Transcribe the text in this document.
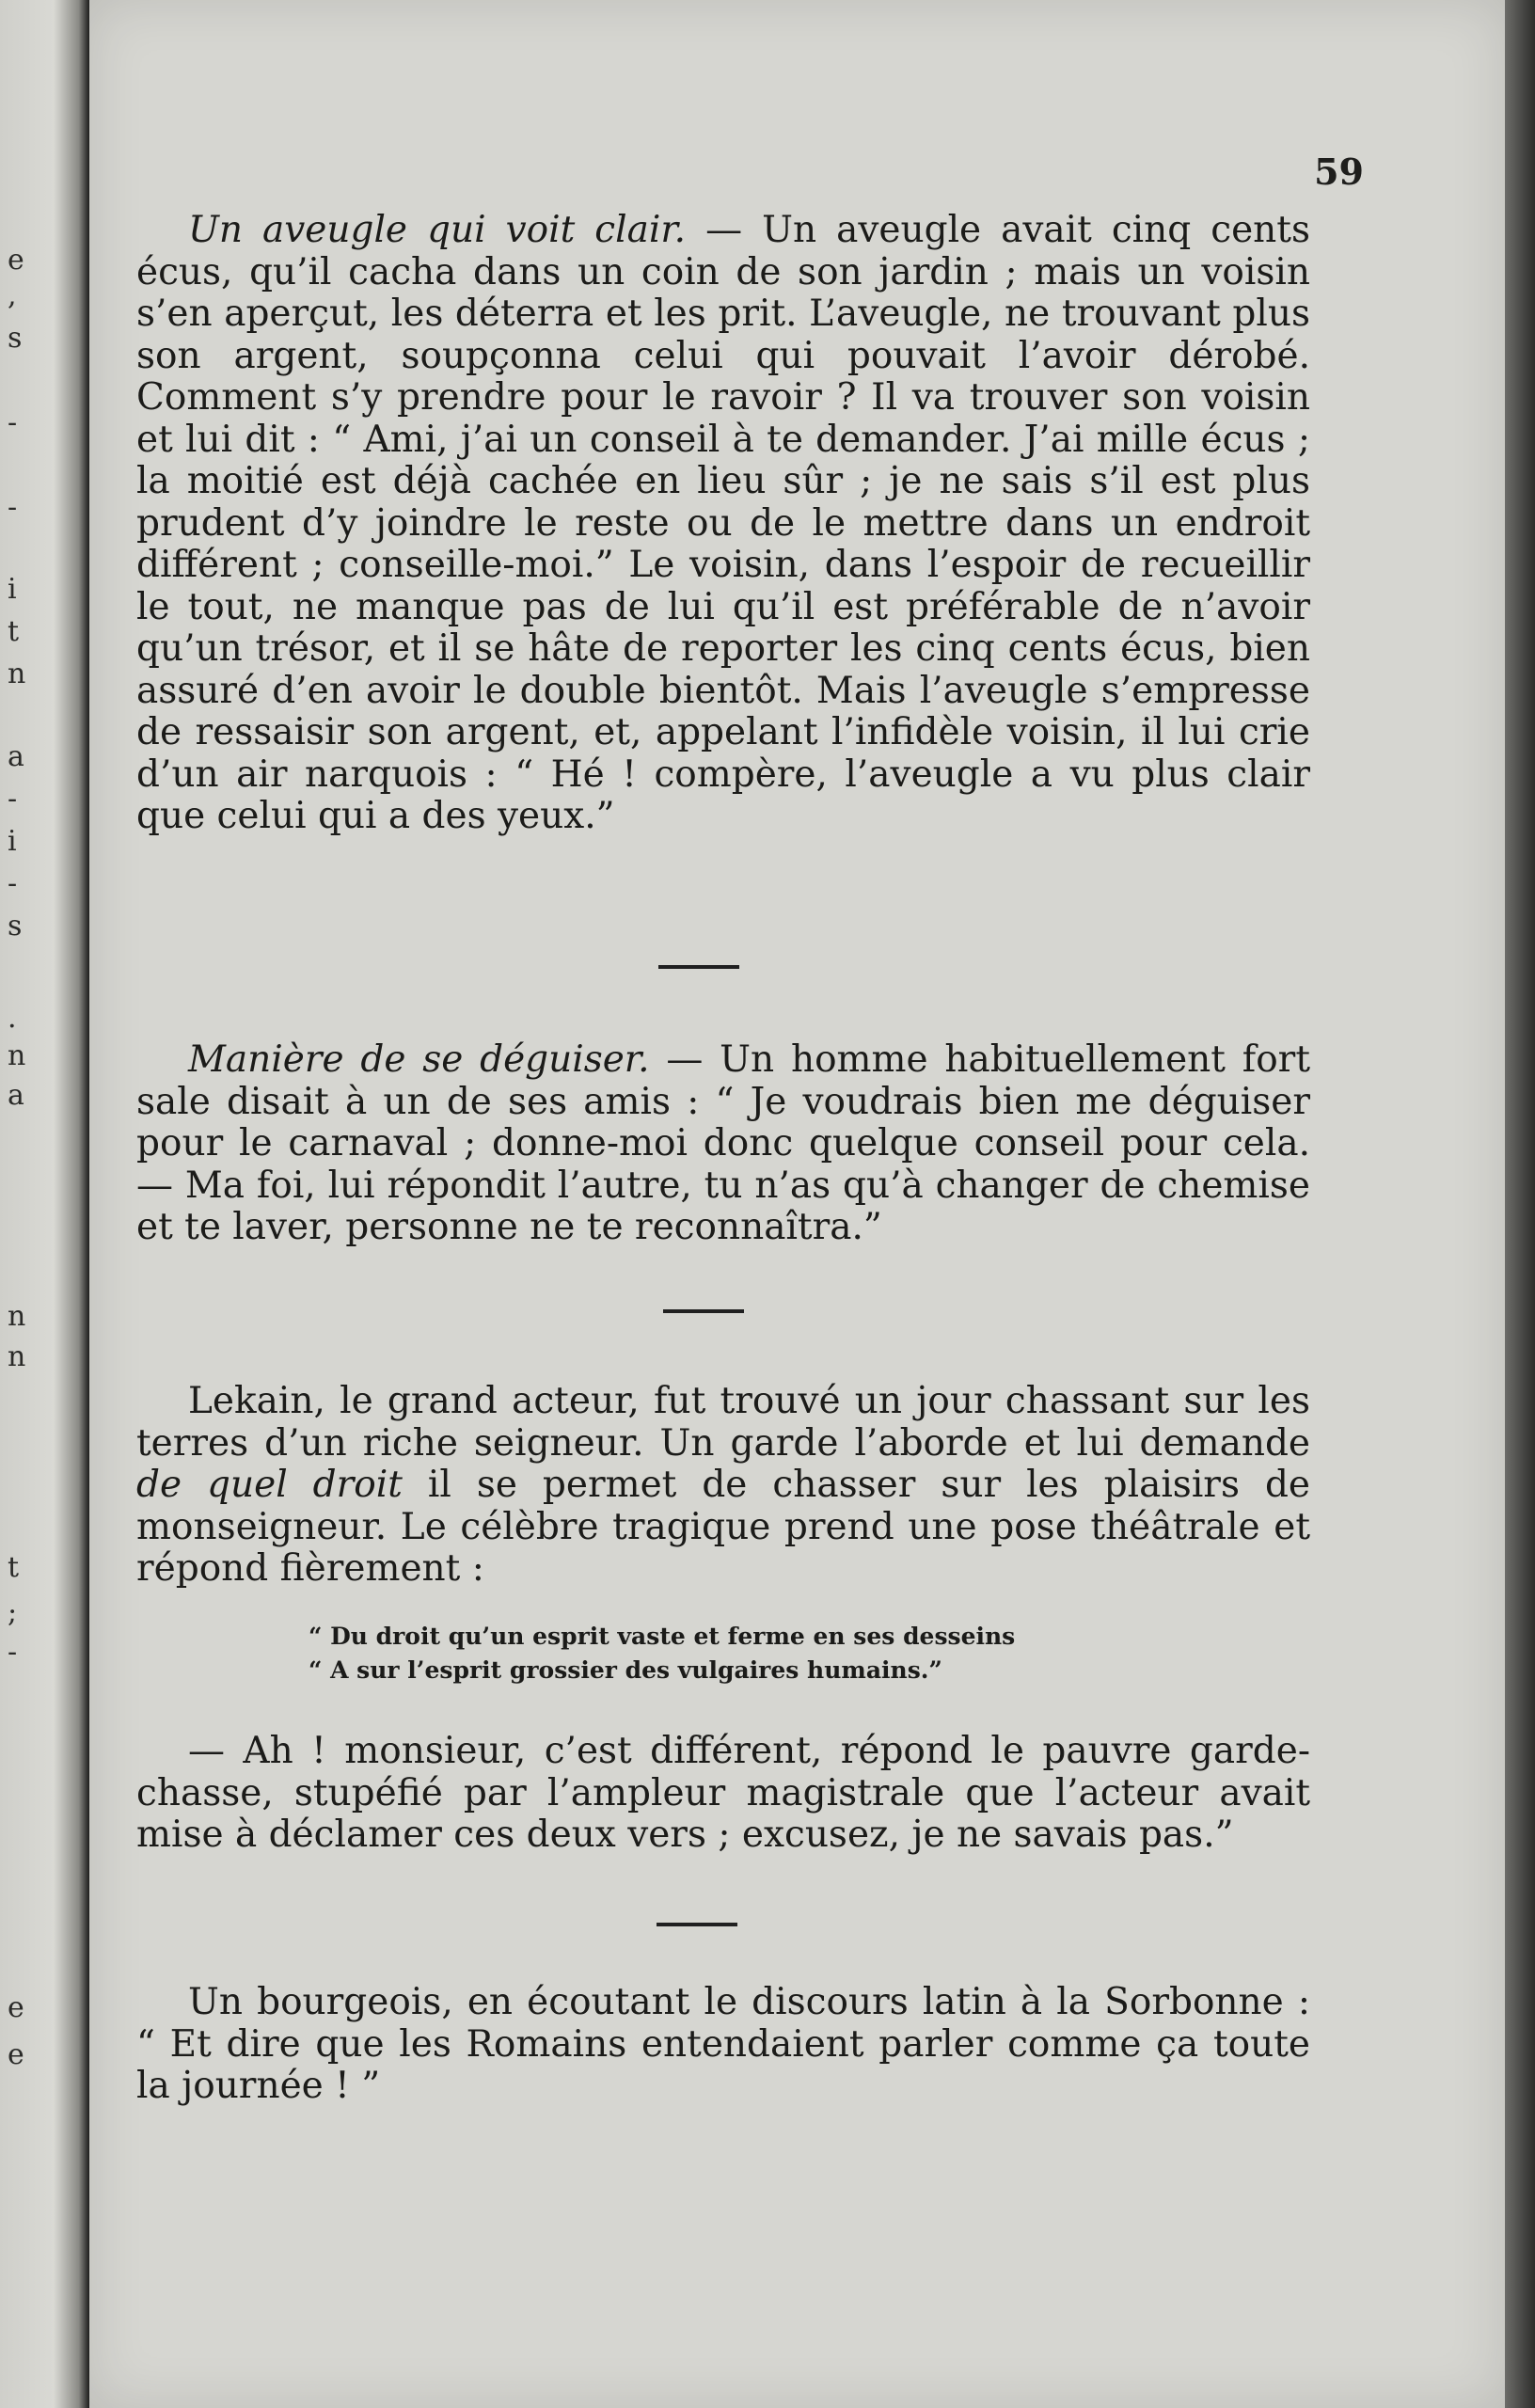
e
,
s
-
-
i
t
n
a
-
i
-
s
.
n
a
n
n
t
;
-
e
e
59

Un aveugle qui voit clair. — Un aveugle avait cinq cents écus, qu’il cacha dans un coin de son jardin ; mais un voisin s’en aperçut, les déterra et les prit. L’aveugle, ne trouvant plus son argent, soupçonna celui qui pouvait l’avoir dérobé. Comment s’y prendre pour le ravoir ? Il va trouver son voisin et lui dit : “ Ami, j’ai un conseil à te demander. J’ai mille écus ; la moitié est déjà cachée en lieu sûr ; je ne sais s’il est plus prudent d’y joindre le reste ou de le mettre dans un endroit différent ; conseille-moi.” Le voisin, dans l’espoir de recueillir le tout, ne manque pas de lui qu’il est préférable de n’avoir qu’un trésor, et il se hâte de reporter les cinq cents écus, bien assuré d’en avoir le double bientôt. Mais l’aveugle s’empresse de ressaisir son argent, et, appelant l’infidèle voisin, il lui crie d’un air narquois : “ Hé ! compère, l’aveugle a vu plus clair que celui qui a des yeux.”

Manière de se déguiser. — Un homme habituellement fort sale disait à un de ses amis : “ Je voudrais bien me déguiser pour le carnaval ; donne-moi donc quelque conseil pour cela. — Ma foi, lui répondit l’autre, tu n’as qu’à changer de chemise et te laver, personne ne te reconnaîtra.”

Lekain, le grand acteur, fut trouvé un jour chassant sur les terres d’un riche seigneur. Un garde l’aborde et lui demande de quel droit il se permet de chasser sur les plaisirs de monseigneur. Le célèbre tragique prend une pose théâtrale et répond fièrement :

“ Du droit qu’un esprit vaste et ferme en ses desseins
“ A sur l’esprit grossier des vulgaires humains.”

— Ah ! monsieur, c’est différent, répond le pauvre garde-chasse, stupéfié par l’ampleur magistrale que l’acteur avait mise à déclamer ces deux vers ; excusez, je ne savais pas.”

Un bourgeois, en écoutant le discours latin à la Sorbonne : “ Et dire que les Romains entendaient parler comme ça toute la journée ! ”
